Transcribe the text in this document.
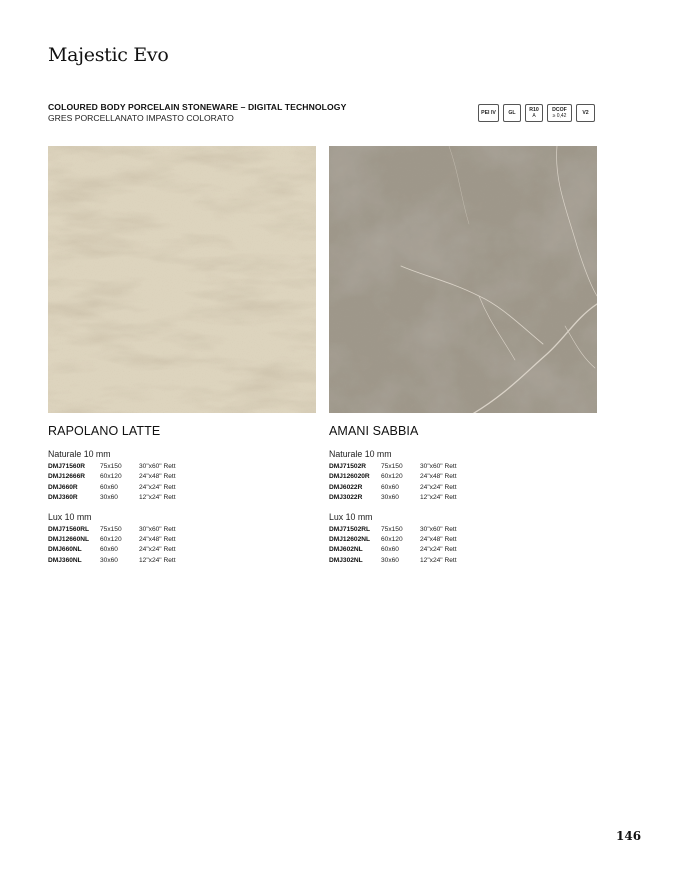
Majestic Evo
COLOURED BODY PORCELAIN STONEWARE – DIGITAL TECHNOLOGY
GRES PORCELLANATO IMPASTO COLORATO	PEI IV GL	R10
A
DCOF
≥ 0,42	V2
RAPOLANO LATTE
Naturale 10 mm
DMJ71560R	75x150	30"x60" Rett
DMJ12666R	60x120	24"x48" Rett
DMJ660R	60x60	24"x24" Rett
DMJ360R	30x60	12"x24" Rett
Lux 10 mm
DMJ71560RL	75x150	30"x60" Rett
DMJ12660NL	60x120	24"x48" Rett
DMJ660NL	60x60	24"x24" Rett
DMJ360NL	30x60	12"x24" Rett
AMANI SABBIA
Naturale 10 mm
DMJ71502R	75x150	30"x60" Rett
DMJ126020R	60x120	24"x48" Rett
DMJ6022R	60x60	24"x24" Rett
DMJ3022R	30x60	12"x24" Rett
Lux 10 mm
DMJ71502RL	75x150	30"x60" Rett
DMJ12602NL	60x120	24"x48" Rett
DMJ602NL	60x60	24"x24" Rett
DMJ302NL	30x60	12"x24" Rett
146
